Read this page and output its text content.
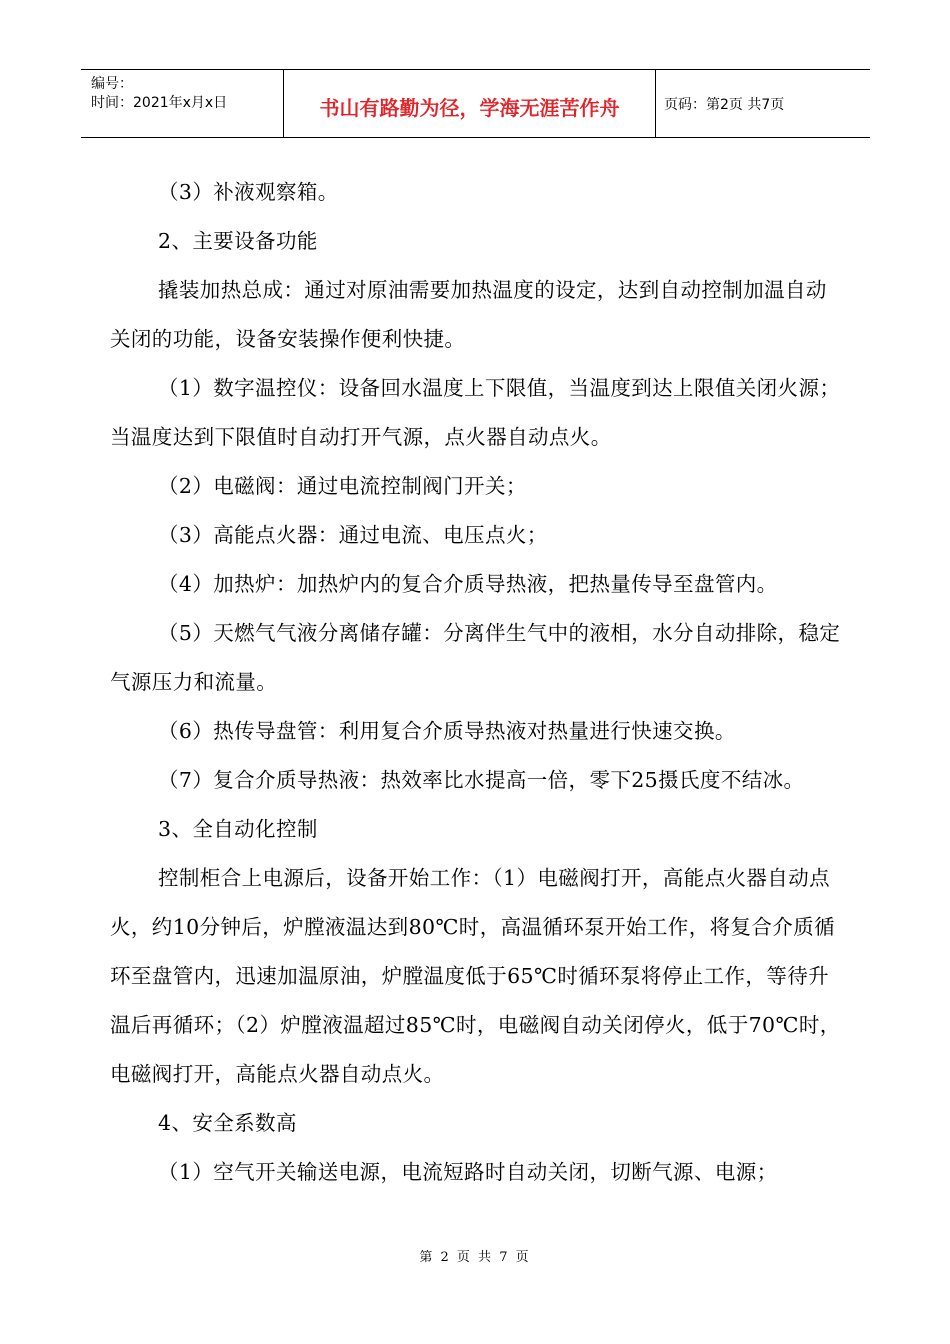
编号：
时间：2021年x月x日	书山有路勤为径，学海无涯苦作舟	页码：第2页 共7页

（3）补液观察箱。

2、主要设备功能

撬装加热总成：通过对原油需要加热温度的设定，达到自动控制加温自动关闭的功能，设备安装操作便利快捷。

（1）数字温控仪：设备回水温度上下限值，当温度到达上限值关闭火源；当温度达到下限值时自动打开气源，点火器自动点火。

（2）电磁阀：通过电流控制阀门开关；

（3）高能点火器：通过电流、电压点火；

（4）加热炉：加热炉内的复合介质导热液，把热量传导至盘管内。

（5）天燃气气液分离储存罐：分离伴生气中的液相，水分自动排除，稳定气源压力和流量。

（6）热传导盘管：利用复合介质导热液对热量进行快速交换。

（7）复合介质导热液：热效率比水提高一倍，零下25摄氏度不结冰。

3、全自动化控制

控制柜合上电源后，设备开始工作：（1）电磁阀打开，高能点火器自动点火，约10分钟后，炉膛液温达到80℃时，高温循环泵开始工作，将复合介质循环至盘管内，迅速加温原油，炉膛温度低于65℃时循环泵将停止工作，等待升温后再循环；（2）炉膛液温超过85℃时，电磁阀自动关闭停火，低于70℃时，电磁阀打开，高能点火器自动点火。

4、安全系数高

（1）空气开关输送电源，电流短路时自动关闭，切断气源、电源；

第 2 页 共 7 页
